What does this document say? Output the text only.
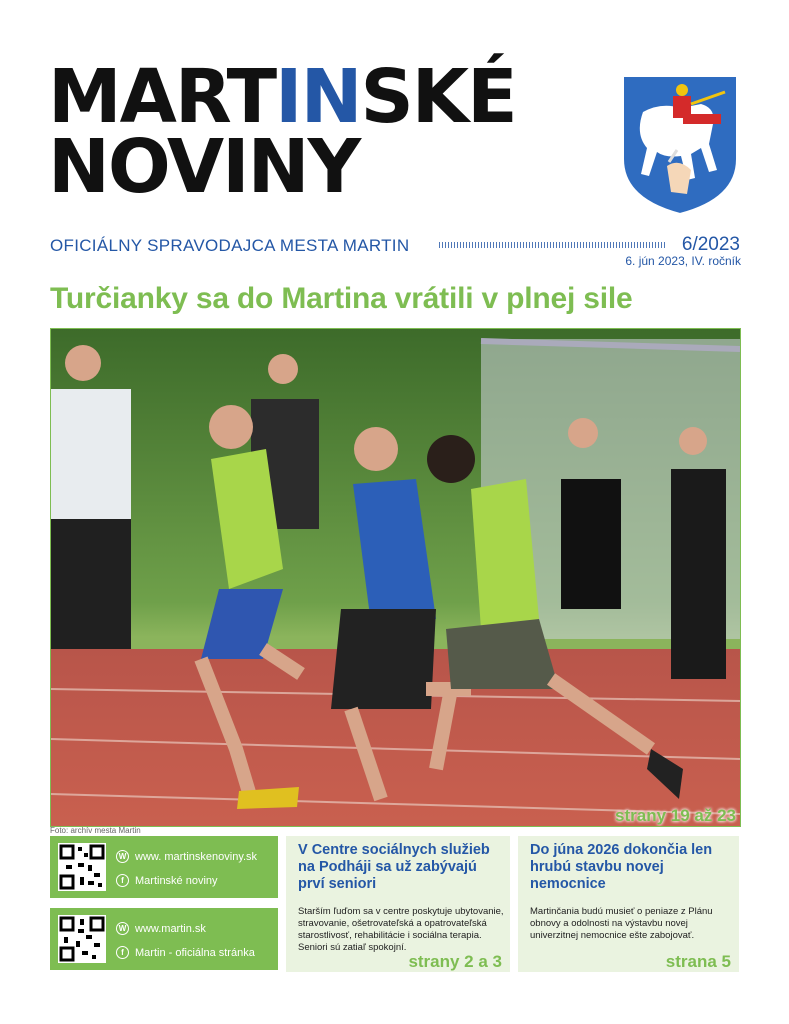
MARTINSKÉ
NOVINY
OFICIÁLNY SPRAVODAJCA MESTA MARTIN	6/2023
6. jún 2023, IV. ročník
Turčianky sa do Martina vrátili v plnej sile
strany 19 až 23
Foto: archív mesta Martin
W www. martinskenoviny.sk
f	Martinské noviny
W www.martin.sk
f	Martin - oficiálna stránka
V Centre sociálnych služieb na Podháji sa už zabývajú prví seniori
Starším ľuďom sa v centre poskytuje ubytovanie, stravovanie, ošetrovateľská a opatrovateľská starostlivosť, rehabilitácie i sociálna terapia. Seniori sú zatiaľ spokojní.
strany 2 a 3
Do júna 2026 dokončia len hrubú stavbu novej nemocnice
Martinčania budú musieť o peniaze z Plánu obnovy a odolnosti na výstavbu novej univerzitnej nemocnice ešte zabojovať.
strana 5
